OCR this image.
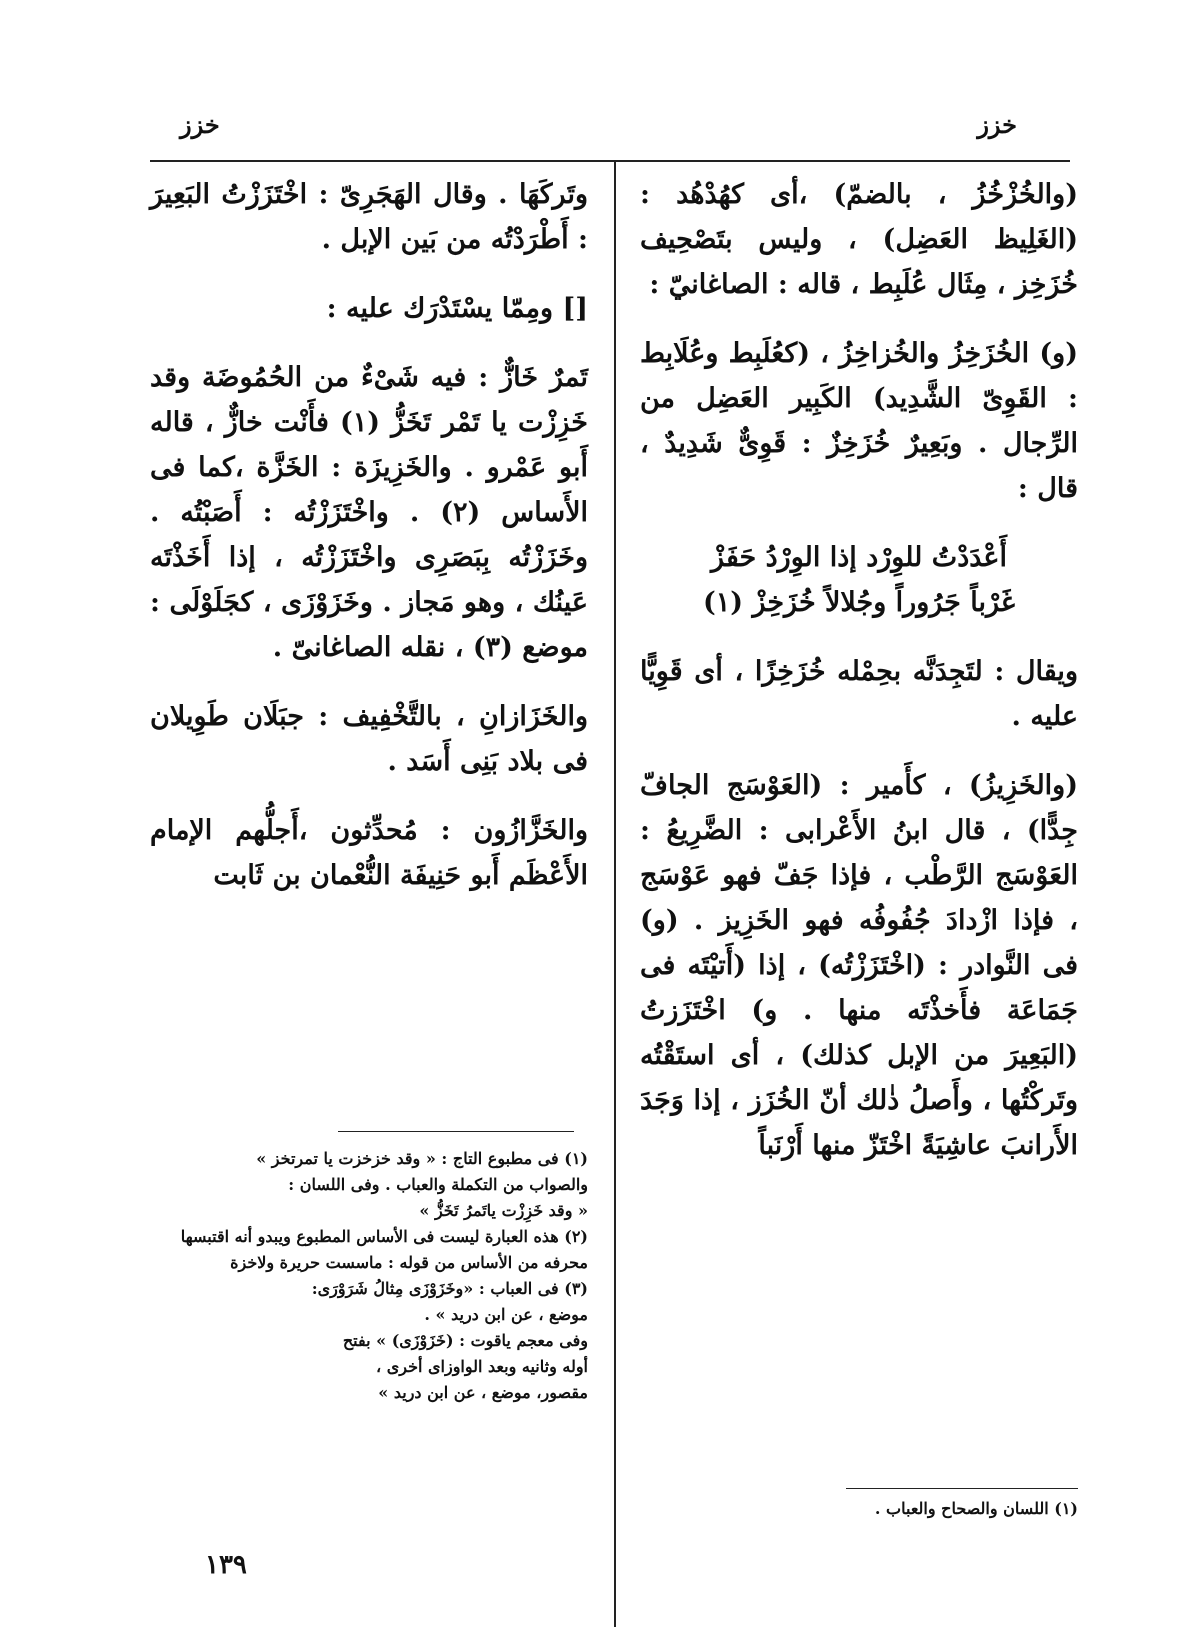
خزز	خزز

(والخُزْخُزُ ، بالضمّ) ،أى كهُدْهُد : (الغَلِيظ العَضِل) ، وليس بتَصْحِيف خُزَخِز ، مِثَال عُلَبِط ، قاله : الصاغانيّ :

(و) الخُزَخِزُ والخُزاخِزُ ، (كعُلَبِط وعُلَابِط : القَوِىّ الشَّدِيد) الكَبِير العَضِل من الرِّجال . وبَعِيرٌ خُزَخِزٌ : قَوِىٌّ شَدِيدٌ ، قال :

أَعْدَدْتُ للوِرْد إذا الوِرْدُ حَفَزْ
غَرْباً جَرُوراً وجُلالاً خُزَخِزْ (١)

ويقال : لتَجِدَنَّه بحِمْله خُزَخِزًا ، أى قَوِيًّا عليه .

(والخَزِيزُ) ، كأَمير : (العَوْسَج الجافّ جِدًّا) ، قال ابنُ الأَعْرابى : الضَّرِيعُ : العَوْسَج الرَّطْب ، فإذا جَفّ فهو عَوْسَج ، فإذا ازْدادَ جُفُوفُه فهو الخَزِيز . (و) فى النَّوادر : (اخْتَزَزْتُه) ، إذا (أَتيْتَه فى جَمَاعَة فأَخذْتَه منها . و) اخْتَزَزتُ (البَعِيرَ من الإبل كذلك) ، أى استَقْتُه وتَركْتُها ، وأَصلُ ذٰلك أنّ الخُزَز ، إذا وَجَدَ الأَرانبَ عاشِيَةً اخْتَزّ منها أَرْنَباً

وتَركَهَا . وقال الهَجَرِىّ : اخْتَزَزْتُ البَعِيرَ : أَطْرَدْتُه من بَين الإبل .

[] ومِمّا يسْتَدْرَك عليه :

تَمرٌ خَازٌّ : فيه شَىْءٌ من الحُمُوضَة وقد خَزِزْت يا تَمْر تَخَزُّ (١) فأَنْت خازٌّ ، قاله أَبو عَمْرو . والخَزِيزَة : الخَزَّة ،كما فى الأَساس (٢) . واخْتَزَزْتُه : أَصَبْتُه . وخَزَزْتُه بِبَصَرِى واخْتَزَزْتُه ، إذا أَخَذْتَه عَينُك ، وهو مَجاز . وخَزَوْزَى ، كجَلَوْلَى : موضع (٣) ، نقله الصاغانىّ .

والخَزَازانِ ، بالتَّخْفِيف : جبَلَان طَوِيلان فى بلاد بَنِى أَسَد .

والخَزَّازُون : مُحدِّثون ،أَجلُّهم الإمام الأَعْظَم أَبو حَنِيفَة النُّعْمان بن ثَابت

(١) فى مطبوع التاج : « وقد خزخزت يا تمرتخز »
والصواب من التكملة والعباب . وفى اللسان :
« وقد خَزِزْت ياتَمرُ تَخَزُّ »
(٢) هذه العبارة ليست فى الأساس المطبوع ويبدو أنه اقتبسها
محرفه من الأساس من قوله : ماسست حريرة ولاخزة
(٣) فى العباب : «وخَزَوْزَى مِثالُ شَرَوْرَى:
موضع ، عن ابن دريد » .
وفى معجم ياقوت : (خَزَوْزَى) » بفتح
أوله وثانيه وبعد الواوزاى أخرى ،
مقصور، موضع ، عن ابن دريد »
(١) اللسان والصحاح والعباب .
١٣٩
